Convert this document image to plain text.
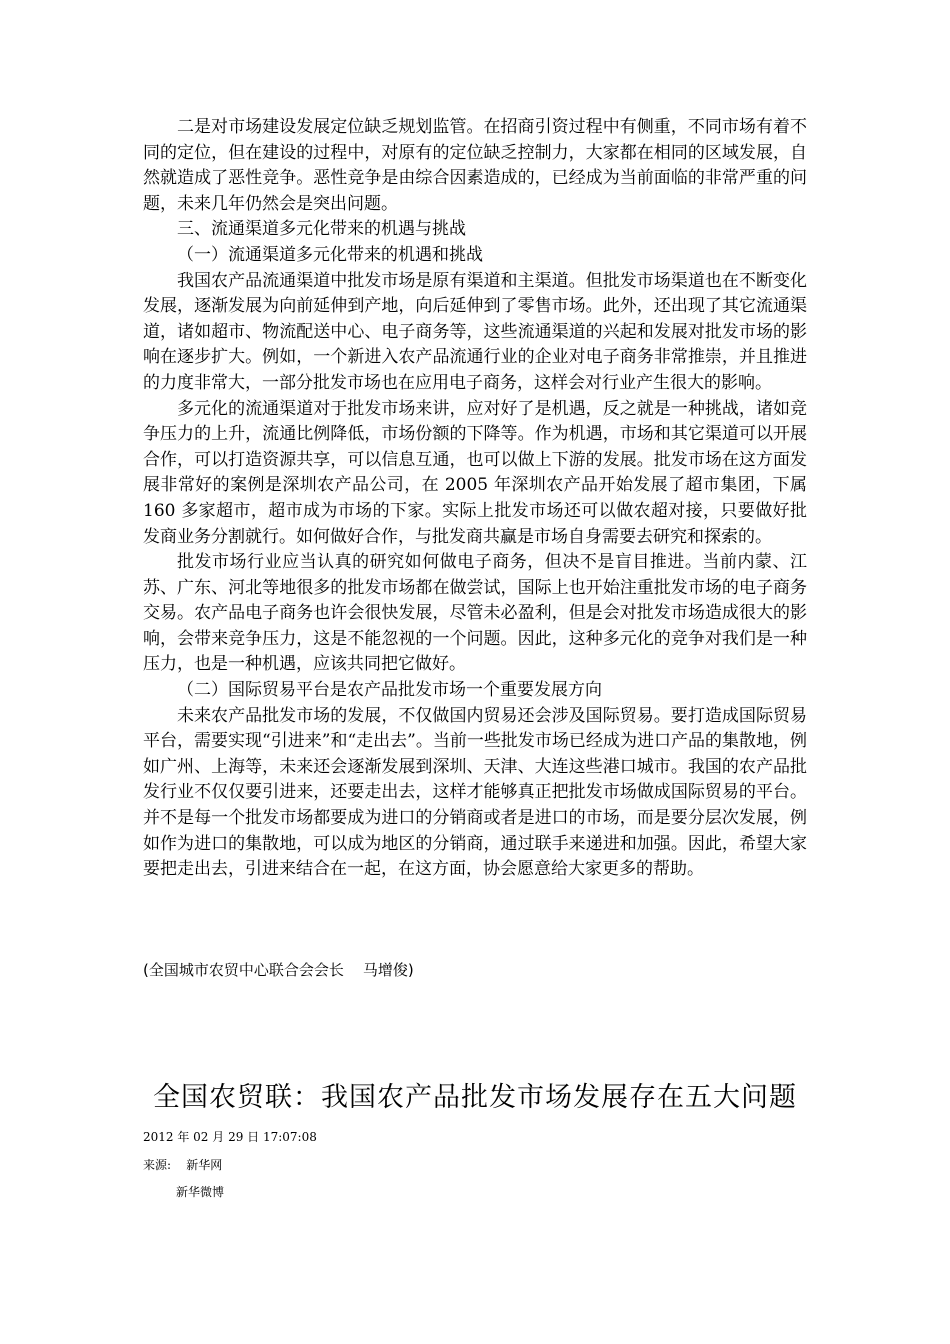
二是对市场建设发展定位缺乏规划监管。在招商引资过程中有侧重，不同市场有着不同的定位，但在建设的过程中，对原有的定位缺乏控制力，大家都在相同的区域发展，自然就造成了恶性竞争。恶性竞争是由综合因素造成的，已经成为当前面临的非常严重的问题，未来几年仍然会是突出问题。

三、流通渠道多元化带来的机遇与挑战

（一）流通渠道多元化带来的机遇和挑战

我国农产品流通渠道中批发市场是原有渠道和主渠道。但批发市场渠道也在不断变化发展，逐渐发展为向前延伸到产地，向后延伸到了零售市场。此外，还出现了其它流通渠道，诸如超市、物流配送中心、电子商务等，这些流通渠道的兴起和发展对批发市场的影响在逐步扩大。例如，一个新进入农产品流通行业的企业对电子商务非常推崇，并且推进的力度非常大，一部分批发市场也在应用电子商务，这样会对行业产生很大的影响。

多元化的流通渠道对于批发市场来讲，应对好了是机遇，反之就是一种挑战，诸如竞争压力的上升，流通比例降低，市场份额的下降等。作为机遇，市场和其它渠道可以开展合作，可以打造资源共享，可以信息互通，也可以做上下游的发展。批发市场在这方面发展非常好的案例是深圳农产品公司，在 2005 年深圳农产品开始发展了超市集团，下属 160 多家超市，超市成为市场的下家。实际上批发市场还可以做农超对接，只要做好批发商业务分割就行。如何做好合作，与批发商共赢是市场自身需要去研究和探索的。

批发市场行业应当认真的研究如何做电子商务，但决不是盲目推进。当前内蒙、江苏、广东、河北等地很多的批发市场都在做尝试，国际上也开始注重批发市场的电子商务交易。农产品电子商务也许会很快发展，尽管未必盈利，但是会对批发市场造成很大的影响，会带来竞争压力，这是不能忽视的一个问题。因此，这种多元化的竞争对我们是一种压力，也是一种机遇，应该共同把它做好。

（二）国际贸易平台是农产品批发市场一个重要发展方向

未来农产品批发市场的发展，不仅做国内贸易还会涉及国际贸易。要打造成国际贸易平台，需要实现“引进来”和“走出去”。当前一些批发市场已经成为进口产品的集散地，例如广州、上海等，未来还会逐渐发展到深圳、天津、大连这些港口城市。我国的农产品批发行业不仅仅要引进来，还要走出去，这样才能够真正把批发市场做成国际贸易的平台。并不是每一个批发市场都要成为进口的分销商或者是进口的市场，而是要分层次发展，例如作为进口的集散地，可以成为地区的分销商，通过联手来递进和加强。因此，希望大家要把走出去，引进来结合在一起，在这方面，协会愿意给大家更多的帮助。

(全国城市农贸中心联合会会长    马增俊)
全国农贸联：我国农产品批发市场发展存在五大问题
2012 年 02 月 29 日 17:07:08
来源:    新华网
新华微博
